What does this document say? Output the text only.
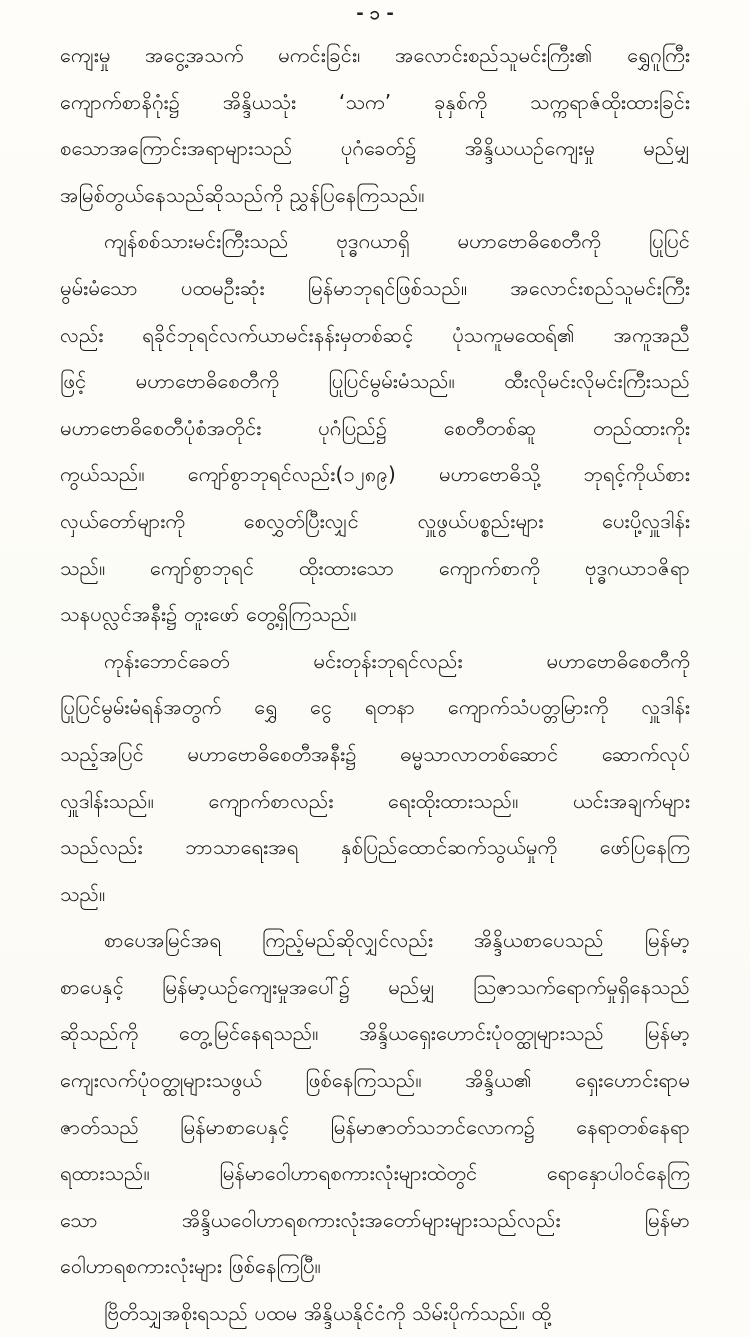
- ၁ -
ကျေးမှု အငွေ့အသက် မကင်းခြင်း၊ အလောင်းစည်သူမင်းကြီး၏ ရွှေဂူကြီး
ကျောက်စာနိဂုံး၌ အိန္ဒိယသုံး ‘သက’ ခုနှစ်ကို သက္ကရာဇ်ထိုးထားခြင်း
စသောအကြောင်းအရာများသည် ပုဂံခေတ်၌ အိန္ဒိယယဉ်ကျေးမှု မည်မျှ
အမြစ်တွယ်နေသည်ဆိုသည်ကို ညွှန်ပြနေကြသည်။
ကျန်စစ်သားမင်းကြီးသည် ဗုဒ္ဓဂယာရှိ မဟာဗောဓိစေတီကို ပြုပြင်
မွမ်းမံသော ပထမဦးဆုံး မြန်မာဘုရင်ဖြစ်သည်။ အလောင်းစည်သူမင်းကြီး
လည်း ရခိုင်ဘုရင်လက်ယာမင်းနန်းမှတစ်ဆင့် ပုံသကူမထေရ်၏ အကူအညီ
ဖြင့် မဟာဗောဓိစေတီကို ပြုပြင်မွမ်းမံသည်။ ထီးလိုမင်းလိုမင်းကြီးသည်
မဟာဗောဓိစေတီပုံစံအတိုင်း ပုဂံပြည်၌ စေတီတစ်ဆူ တည်ထားကိုး
ကွယ်သည်။ ကျော်စွာဘုရင်လည်း(၁၂၈၉) မဟာဗောဓိသို့ ဘုရင့်ကိုယ်စား
လှယ်တော်များကို စေလွှတ်ပြီးလျှင် လှူဖွယ်ပစ္စည်းများ ပေးပို့လှူဒါန်း
သည်။ ကျော်စွာဘုရင် ထိုးထားသော ကျောက်စာကို ဗုဒ္ဓဂယာ၁ဇိရာ
သနပလ္လင်အနီး၌ တူးဖော် တွေ့ရှိကြသည်။
ကုန်းဘောင်ခေတ် မင်းတုန်းဘုရင်လည်း မဟာဗောဓိစေတီကို
ပြုပြင်မွမ်းမံရန်အတွက် ရွှေ ငွေ ရတနာ ကျောက်သံပတ္တမြားကို လှူဒါန်း
သည့်အပြင် မဟာဗောဓိစေတီအနီး၌ ဓမ္မသာလာတစ်ဆောင် ဆောက်လုပ်
လှူဒါန်းသည်။ ကျောက်စာလည်း ရေးထိုးထားသည်။ ယင်းအချက်များ
သည်လည်း ဘာသာရေးအရ နှစ်ပြည်ထောင်ဆက်သွယ်မှုကို ဖော်ပြနေကြ
သည်။
စာပေအမြင်အရ ကြည့်မည်ဆိုလျှင်လည်း အိန္ဒိယစာပေသည် မြန်မာ့
စာပေနှင့် မြန်မာ့ယဉ်ကျေးမှုအပေါ်၌ မည်မျှ ဩဇာသက်ရောက်မှုရှိနေသည်
ဆိုသည်ကို တွေ့မြင်နေရသည်။ အိန္ဒိယရှေးဟောင်းပုံဝတ္ထုများသည် မြန်မာ့
ကျေးလက်ပုံဝတ္ထုများသဖွယ် ဖြစ်နေကြသည်။ အိန္ဒိယ၏ ရှေးဟောင်းရာမ
ဇာတ်သည် မြန်မာစာပေနှင့် မြန်မာဇာတ်သဘင်လောက၌ နေရာတစ်နေရာ
ရထားသည်။ မြန်မာဝေါဟာရစကားလုံးများထဲတွင် ရောနှောပါဝင်နေကြ
သော အိန္ဒိယဝေါဟာရစကားလုံးအတော်များများသည်လည်း မြန်မာ
ဝေါဟာရစကားလုံးများ ဖြစ်နေကြပြီ။
ဗြိတိသျှအစိုးရသည် ပထမ အိန္ဒိယနိုင်ငံကို သိမ်းပိုက်သည်။ ထို့
